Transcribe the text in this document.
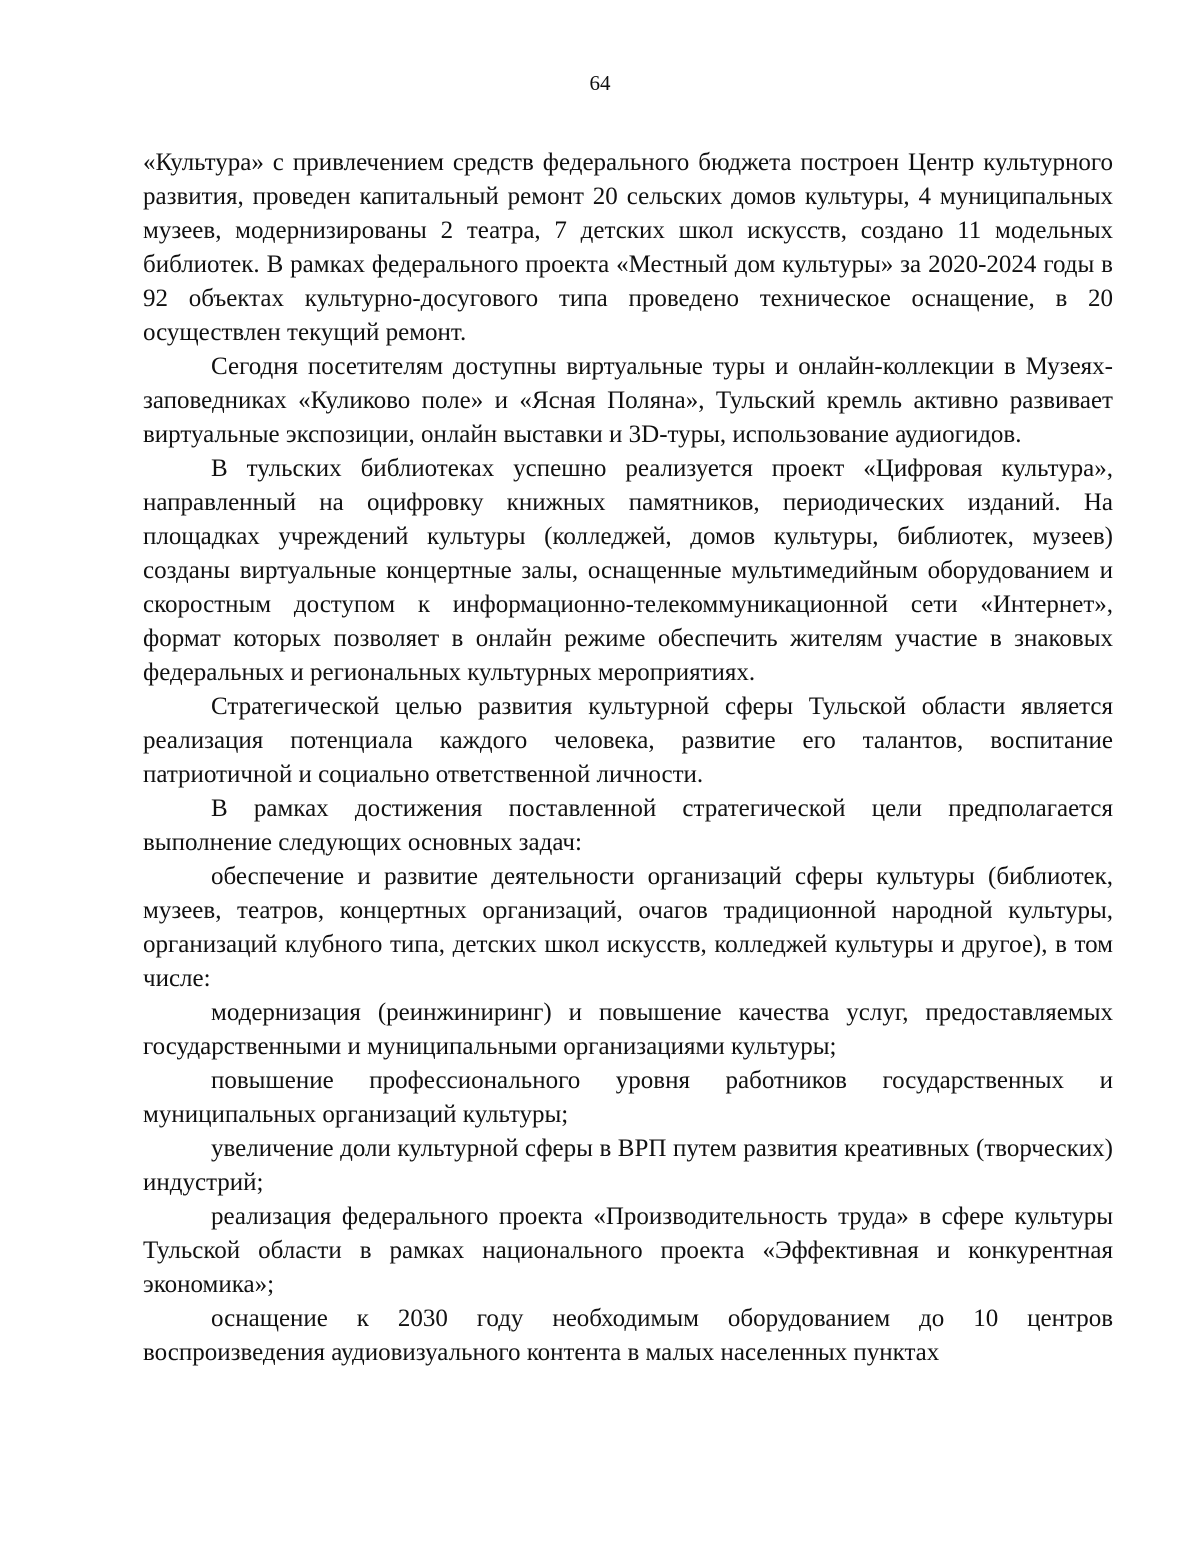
64

«Культура» с привлечением средств федерального бюджета построен Центр культурного развития, проведен капитальный ремонт 20 сельских домов культуры, 4 муниципальных музеев, модернизированы 2 театра, 7 детских школ искусств, создано 11 модельных библиотек. В рамках федерального проекта «Местный дом культуры» за 2020-2024 годы в 92 объектах культурно-досугового типа проведено техническое оснащение, в 20 осуществлен текущий ремонт.

Сегодня посетителям доступны виртуальные туры и онлайн-коллекции в Музеях-заповедниках «Куликово поле» и «Ясная Поляна», Тульский кремль активно развивает виртуальные экспозиции, онлайн выставки и 3D-туры, использование аудиогидов.

В тульских библиотеках успешно реализуется проект «Цифровая культура», направленный на оцифровку книжных памятников, периодических изданий. На площадках учреждений культуры (колледжей, домов культуры, библиотек, музеев) созданы виртуальные концертные залы, оснащенные мультимедийным оборудованием и скоростным доступом к информационно-телекоммуникационной сети «Интернет», формат которых позволяет в онлайн режиме обеспечить жителям участие в знаковых федеральных и региональных культурных мероприятиях.

Стратегической целью развития культурной сферы Тульской области является реализация потенциала каждого человека, развитие его талантов, воспитание патриотичной и социально ответственной личности.

В рамках достижения поставленной стратегической цели предполагается выполнение следующих основных задач:

обеспечение и развитие деятельности организаций сферы культуры (библиотек, музеев, театров, концертных организаций, очагов традиционной народной культуры, организаций клубного типа, детских школ искусств, колледжей культуры и другое), в том числе:

модернизация (реинжиниринг) и повышение качества услуг, предоставляемых государственными и муниципальными организациями культуры;

повышение профессионального уровня работников государственных и муниципальных организаций культуры;

увеличение доли культурной сферы в ВРП путем развития креативных (творческих) индустрий;

реализация федерального проекта «Производительность труда» в сфере культуры Тульской области в рамках национального проекта «Эффективная и конкурентная экономика»;

оснащение к 2030 году необходимым оборудованием до 10 центров воспроизведения аудиовизуального контента в малых населенных пунктах
